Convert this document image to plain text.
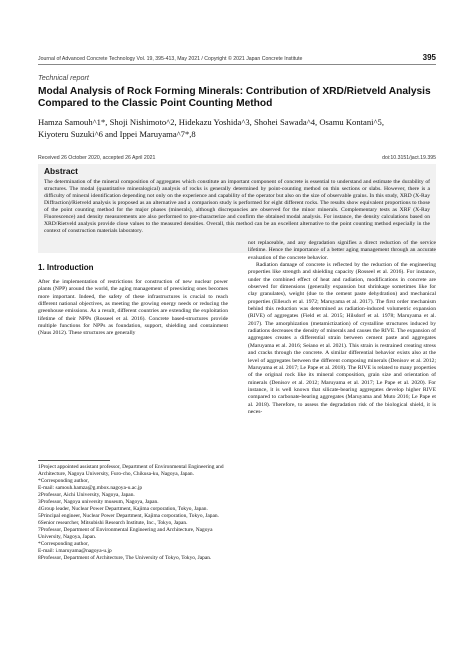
Journal of Advanced Concrete Technology Vol. 19, 395-413, May 2021 / Copyright © 2021 Japan Concrete Institute	395
Technical report
Modal Analysis of Rock Forming Minerals: Contribution of XRD/Rietveld Analysis Compared to the Classic Point Counting Method
Hamza Samouh^1*, Shoji Nishimoto^2, Hidekazu Yoshida^3, Shohei Sawada^4, Osamu Kontani^5,
Kiyoteru Suzuki^6 and Ippei Maruyama^7*,8
Received 26 October 2020, accepted 26 April 2021	doi:10.3151/jact.19.395
Abstract
The determination of the mineral composition of aggregates which constitute an important component of concrete is essential to understand and estimate the durability of structures. The modal (quantitative mineralogical) analysis of rocks is generally determined by point-counting method on thin sections or slabs. However, there is a difficulty of mineral identification depending not only on the experience and capability of the operator but also on the size of observable grains. In this study, XRD (X-Ray Diffraction)/Rietveld analysis is proposed as an alternative and a comparison study is performed for eight different rocks. The results show equivalent proportions to those of the point counting method for the major phases (minerals), although discrepancies are observed for the minor minerals. Complementary tests as XRF (X-Ray Fluorescence) and density measurements are also performed to pre-characterize and confirm the obtained modal analysis. For instance, the density calculations based on XRD/Rietveld analysis provide close values to the measured densities. Overall, this method can be an excellent alternative to the point counting method especially in the context of construction materials laboratory.
1. Introduction

After the implementation of restrictions for construction of new nuclear power plants (NPP) around the world, the aging management of preexisting ones becomes more important. Indeed, the safety of these infrastructures is crucial to reach different national objectives, as meeting the growing energy needs or reducing the greenhouse emissions. As a result, different countries are extending the exploitation lifetime of their NPPs (Rosseel et al. 2016). Concrete based-structures provide multiple functions for NPPs as foundation, support, shielding and containment (Naus 2012). These structures are generally

1Project appointed assistant professor, Department of Environmental Engineering and Architecture, Nagoya University, Furo-cho, Chikusa-ku, Nagoya, Japan.

*Corresponding author,

E-mail: samouh.hamza@g.mbox.nagoya-u.ac.jp

2Professor, Aichi University, Nagoya, Japan.

3Professor, Nagoya university museum, Nagoya, Japan.

4Group leader, Nuclear Power Department, Kajima corporation, Tokyo, Japan.

5Principal engineer, Nuclear Power Department, Kajima corporation, Tokyo, Japan.

6Senior researcher, Mitsubishi Research Institute, Inc., Tokyo, Japan.

7Professor, Department of Environmental Engineering and Architecture, Nagoya University, Nagoya, Japan.

*Corresponding author,

E-mail: i.maruyama@nagoya-u.jp

8Professor, Department of Architecture, The University of Tokyo, Tokyo, Japan.

not replaceable, and any degradation signifies a direct reduction of the service lifetime. Hence the importance of a better aging management through an accurate evaluation of the concrete behavior.

Radiation damage of concrete is reflected by the reduction of the engineering properties like strength and shielding capacity (Rosseel et al. 2016). For instance, under the combined effect of heat and radiation, modifications in concrete are observed for dimensions (generally expansion but shrinkage sometimes like for clay granulates), weight (due to the cement paste dehydration) and mechanical properties (Elleuch et al. 1972; Maruyama et al. 2017). The first order mechanism behind this reduction was determined as radiation-induced volumetric expansion (RIVE) of aggregates (Field et al. 2015; Hilsdorf et al. 1978; Maruyama et al. 2017). The amorphization (metamictization) of crystalline structures induced by radiations decreases the density of minerals and causes the RIVE. The expansion of aggregates creates a differential strain between cement paste and aggregates (Maruyama et al. 2016; Seiano et al. 2021). This strain is restrained creating stress and cracks through the concrete. A similar differential behavior exists also at the level of aggregates between the different composing minerals (Denisov et al. 2012; Maruyama et al. 2017; Le Pape et al. 2018). The RIVE is related to many properties of the original rock like its mineral composition, grain size and orientation of minerals (Denisov et al. 2012; Maruyama et al. 2017; Le Pape et al. 2020). For instance, it is well known that silicate-bearing aggregates develop higher RIVE compared to carbonate-bearing aggregates (Maruyama and Muto 2016; Le Pape et al. 2018). Therefore, to assess the degradation risk of the biological shield, it is neces-
